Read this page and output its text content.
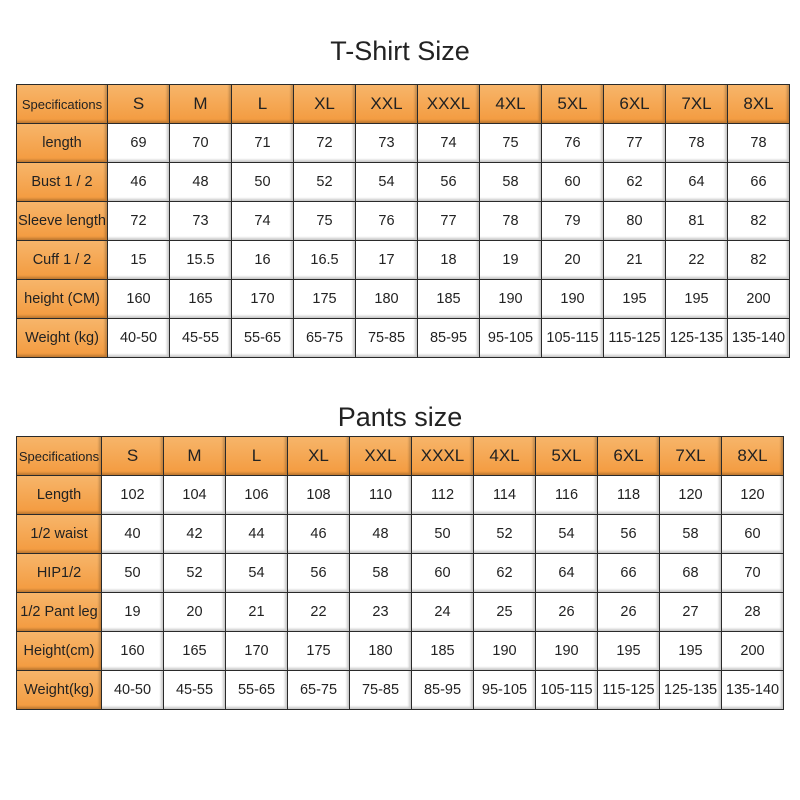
T-Shirt Size
Specifications	S	M	L	XL	XXL	XXXL	4XL	5XL	6XL	7XL	8XL
length	69	70	71	72	73	74	75	76	77	78	78
Bust 1 / 2	46	48	50	52	54	56	58	60	62	64	66
Sleeve length	72	73	74	75	76	77	78	79	80	81	82
Cuff 1 / 2	15	15.5	16	16.5	17	18	19	20	21	22	82
height (CM)	160	165	170	175	180	185	190	190	195	195	200
Weight (kg)	40-50	45-55	55-65	65-75	75-85	85-95	95-105	105-115	115-125	125-135	135-140
Pants size
Specifications	S	M	L	XL	XXL	XXXL	4XL	5XL	6XL	7XL	8XL
Length	102	104	106	108	110	112	114	116	118	120	120
1/2 waist	40	42	44	46	48	50	52	54	56	58	60
HIP1/2	50	52	54	56	58	60	62	64	66	68	70
1/2 Pant leg	19	20	21	22	23	24	25	26	26	27	28
Height(cm)	160	165	170	175	180	185	190	190	195	195	200
Weight(kg)	40-50	45-55	55-65	65-75	75-85	85-95	95-105	105-115	115-125	125-135	135-140
